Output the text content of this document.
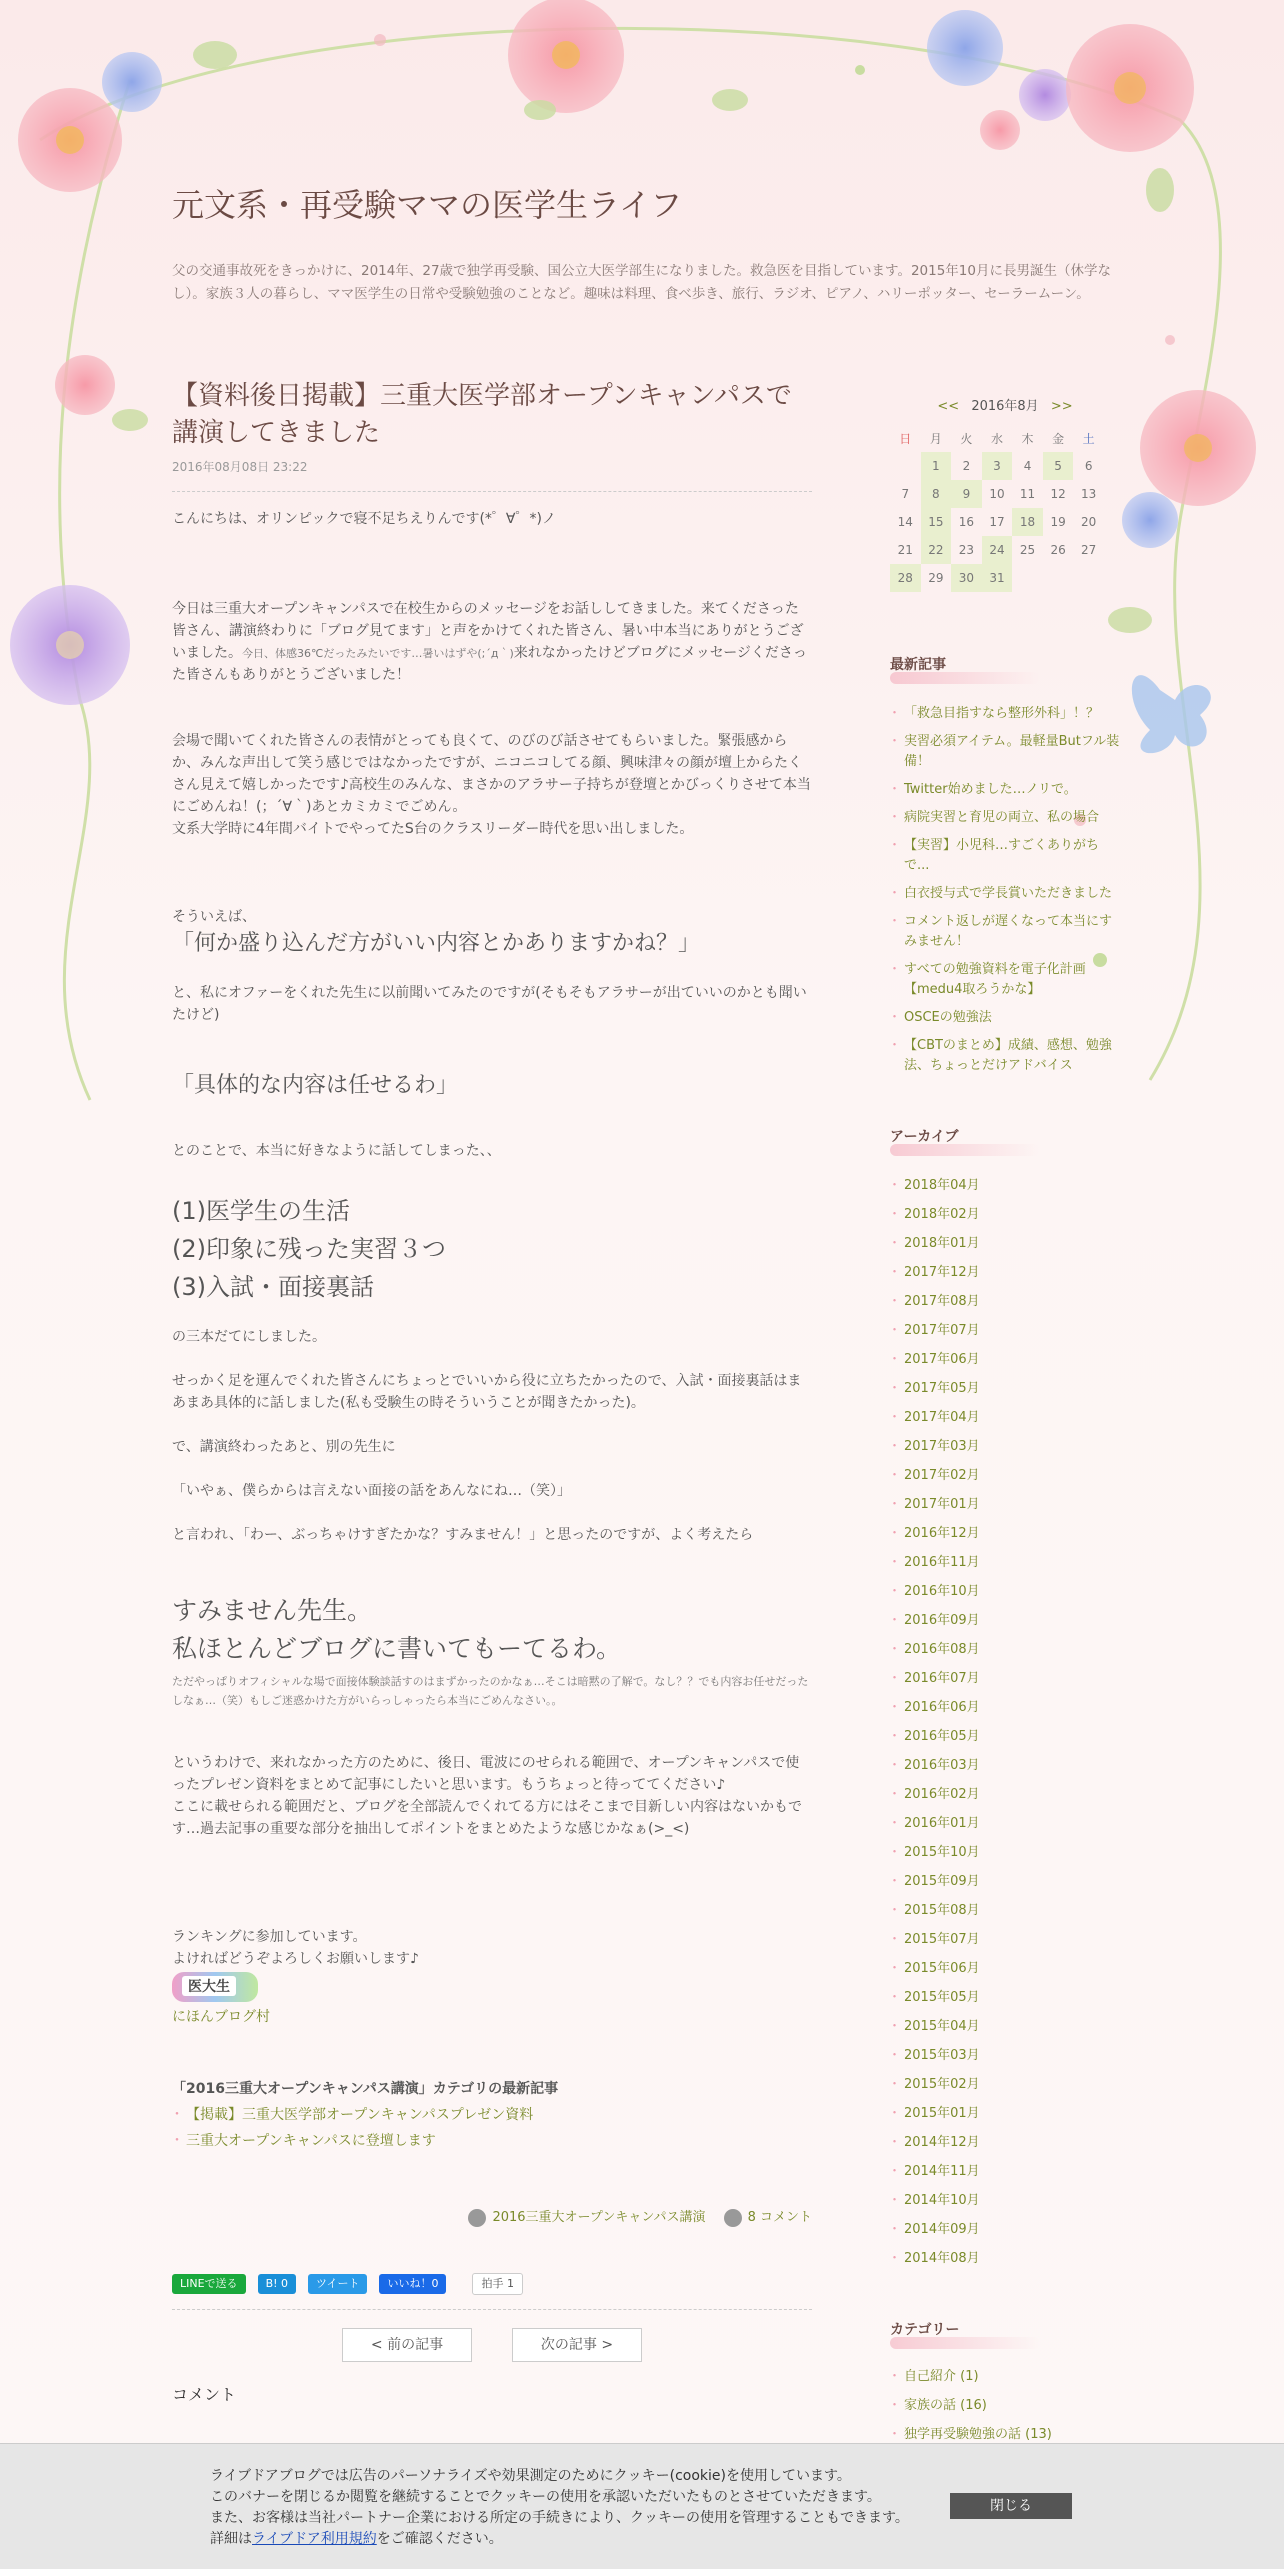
元文系・再受験ママの医学生ライフ

父の交通事故死をきっかけに、2014年、27歳で独学再受験、国公立大医学部生になりました。救急医を目指しています。2015年10月に長男誕生（休学なし）。家族３人の暮らし、ママ医学生の日常や受験勉強のことなど。趣味は料理、食べ歩き、旅行、ラジオ、ピアノ、ハリーポッター、セーラームーン。

【資料後日掲載】三重大医学部オープンキャンパスで講演してきました
2016年08月08日 23:22

こんにちは、オリンピックで寝不足ちえりんです(*゜∀゜*)ノ

今日は三重大オープンキャンパスで在校生からのメッセージをお話ししてきました。来てくださった皆さん、講演終わりに「ブログ見てます」と声をかけてくれた皆さん、暑い中本当にありがとうございました。今日、体感36℃だったみたいです…暑いはずや(;´д｀)来れなかったけどブログにメッセージくださった皆さんもありがとうございました！

会場で聞いてくれた皆さんの表情がとっても良くて、のびのび話させてもらいました。緊張感からか、みんな声出して笑う感じではなかったですが、ニコニコしてる顔、興味津々の顔が壇上からたくさん見えて嬉しかったです♪高校生のみんな、まさかのアラサー子持ちが登壇とかびっくりさせて本当にごめんね！(；´∀｀)あとカミカミでごめん。

文系大学時に4年間バイトでやってたS台のクラスリーダー時代を思い出しました。

そういえば、

「何か盛り込んだ方がいい内容とかありますかね？」

と、私にオファーをくれた先生に以前聞いてみたのですが(そもそもアラサーが出ていいのかとも聞いたけど)

「具体的な内容は任せるわ」

とのことで、本当に好きなように話してしまった、、

(1)医学生の生活
(2)印象に残った実習３つ
(3)入試・面接裏話

の三本だてにしました。

せっかく足を運んでくれた皆さんにちょっとでいいから役に立ちたかったので、入試・面接裏話はまあまあ具体的に話しました(私も受験生の時そういうことが聞きたかった)。

で、講演終わったあと、別の先生に

「いやぁ、僕らからは言えない面接の話をあんなにね…（笑）」

と言われ、「わー、ぶっちゃけすぎたかな？すみません！」と思ったのですが、よく考えたら

すみません先生。
私ほとんどブログに書いてもーてるわ。

ただやっぱりオフィシャルな場で面接体験談話すのはまずかったのかなぁ…そこは暗黙の了解で。なし？？でも内容お任せだったしなぁ…（笑）もしご迷惑かけた方がいらっしゃったら本当にごめんなさい。。

というわけで、来れなかった方のために、後日、電波にのせられる範囲で、オープンキャンパスで使ったプレゼン資料をまとめて記事にしたいと思います。もうちょっと待っててください♪

ここに載せられる範囲だと、ブログを全部読んでくれてる方にはそこまで目新しい内容はないかもです…過去記事の重要な部分を抽出してポイントをまとめたような感じかなぁ(>_<)

ランキングに参加しています。

よければどうぞよろしくお願いします♪

医大生
にほんブログ村
「2016三重大オープンキャンパス講演」カテゴリの最新記事
・ 【掲載】三重大医学部オープンキャンパスプレゼン資料
・ 三重大オープンキャンパスに登壇します
2016三重大オープンキャンパス講演	8 コメント
LINEで送る	B! 0	ツイート	いいね！0	拍手 1
< 前の記事	次の記事 >
コメント
<< 2016年8月 >>
日	月	火	水	木	金	土
	1	2	3	4	5	6
7	8	9	10	11	12	13
14	15	16	17	18	19	20
21	22	23	24	25	26	27
28	29	30	31			
最新記事
・ 「救急目指すなら整形外科」！？
・ 実習必須アイテム。最軽量Butフル装備！
・ Twitter始めました…ノリで。
・ 病院実習と育児の両立、私の場合
・ 【実習】小児科…すごくありがちで...
・ 白衣授与式で学長賞いただきました
・ コメント返しが遅くなって本当にすみません！
・ すべての勉強資料を電子化計画【medu4取ろうかな】
・ OSCEの勉強法
・ 【CBTのまとめ】成績、感想、勉強法、ちょっとだけアドバイス
アーカイブ
・ 2018年04月
・ 2018年02月
・ 2018年01月
・ 2017年12月
・ 2017年08月
・ 2017年07月
・ 2017年06月
・ 2017年05月
・ 2017年04月
・ 2017年03月
・ 2017年02月
・ 2017年01月
・ 2016年12月
・ 2016年11月
・ 2016年10月
・ 2016年09月
・ 2016年08月
・ 2016年07月
・ 2016年06月
・ 2016年05月
・ 2016年03月
・ 2016年02月
・ 2016年01月
・ 2015年10月
・ 2015年09月
・ 2015年08月
・ 2015年07月
・ 2015年06月
・ 2015年05月
・ 2015年04月
・ 2015年03月
・ 2015年02月
・ 2015年01月
・ 2014年12月
・ 2014年11月
・ 2014年10月
・ 2014年09月
・ 2014年08月
カテゴリー
・ 自己紹介 (1)
・ 家族の話 (16)
・ 独学再受験勉強の話 (13)
・
ライブドアブログでは広告のパーソナライズや効果測定のためにクッキー(cookie)を使用しています。
このバナーを閉じるか閲覧を継続することでクッキーの使用を承認いただいたものとさせていただきます。
また、お客様は当社パートナー企業における所定の手続きにより、クッキーの使用を管理することもできます。
詳細はライブドア利用規約をご確認ください。
閉じる
